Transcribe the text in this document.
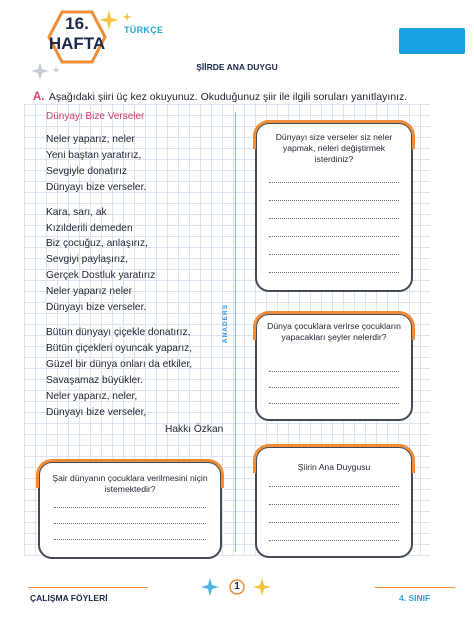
16.
HAFTA
TÜRKÇE
ŞİİRDE ANA DUYGU
ANADERS
A. Aşağıdaki şiiri üç kez okuyunuz. Okuduğunuz şiir ile ilgili soruları yanıtlayınız.
Dünyayı Bize Verseler
Neler yaparız, neler
Yeni baştan yaratırız,
Sevgiyle donatırız
Dünyayı bize verseler.
Kara, sarı, ak
Kızılderili demeden
Biz çocuğuz, anlaşırız,
Sevgiyi paylaşırız,
Gerçek Dostluk yaratırız
Neler yaparız neler
Dünyayı bize verseler.
Bütün dünyayı çiçekle donatırız,
Bütün çiçekleri oyuncak yaparız,
Güzel bir dünya onları da etkiler,
Savaşamaz büyükler.
Neler yaparız, neler,
Dünyayı bize verseler,
Hakkı Özkan
Dünyayı size verseler siz neler yapmak, neleri değiştirmek isterdiniz?
Dünya çocuklara verirse çocukların yapacakları şeyler nelerdir?
Şiirin Ana Duygusu
Şair dünyanın çocuklara verilmesini niçin istemektedir?
ÇALIŞMA FÖYLERİ
1
4. SINIF
